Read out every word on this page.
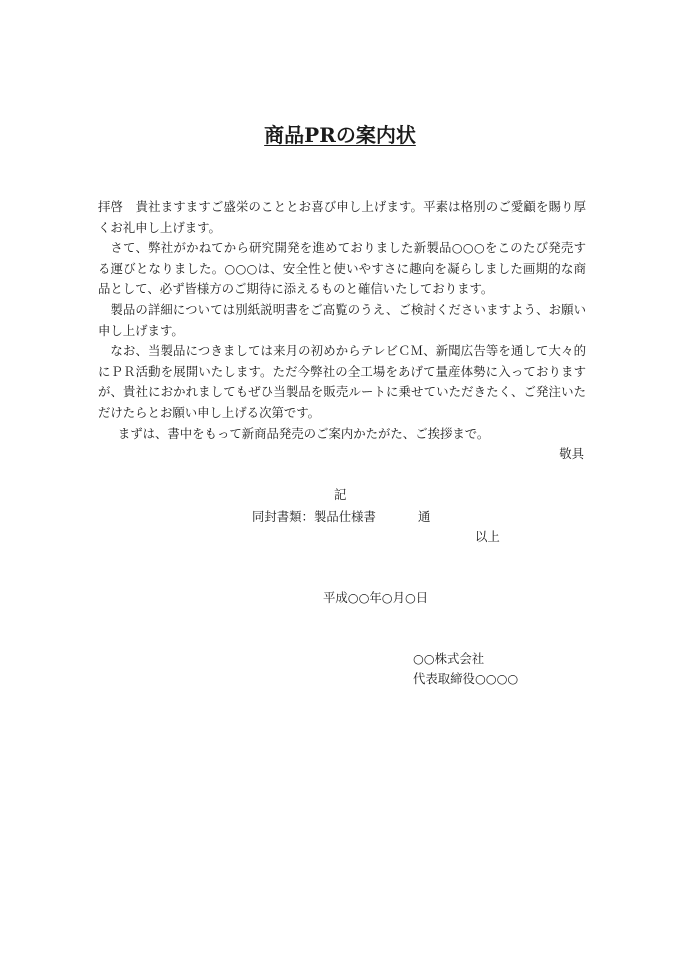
商品PRの案内状

拝啓　貴社ますますご盛栄のこととお喜び申し上げます。平素は格別のご愛顧を賜り厚くお礼申し上げます。

さて、弊社がかねてから研究開発を進めておりました新製品○○○をこのたび発売する運びとなりました。○○○は、安全性と使いやすさに趣向を凝らしました画期的な商品として、必ず皆様方のご期待に添えるものと確信いたしております。

製品の詳細については別紙説明書をご高覧のうえ、ご検討くださいますよう、お願い申し上げます。

なお、当製品につきましては来月の初めからテレビＣＭ、新聞広告等を通して大々的にＰＲ活動を展開いたします。ただ今弊社の全工場をあげて量産体勢に入っておりますが、貴社におかれましてもぜひ当製品を販売ルートに乗せていただきたく、ご発注いただけたらとお願い申し上げる次第です。

まずは、書中をもって新商品発売のご案内かたがた、ご挨拶まで。

敬具
記
同封書類：製品仕様書	通
以上
平成○○年○月○日
○○株式会社
代表取締役○○○○
